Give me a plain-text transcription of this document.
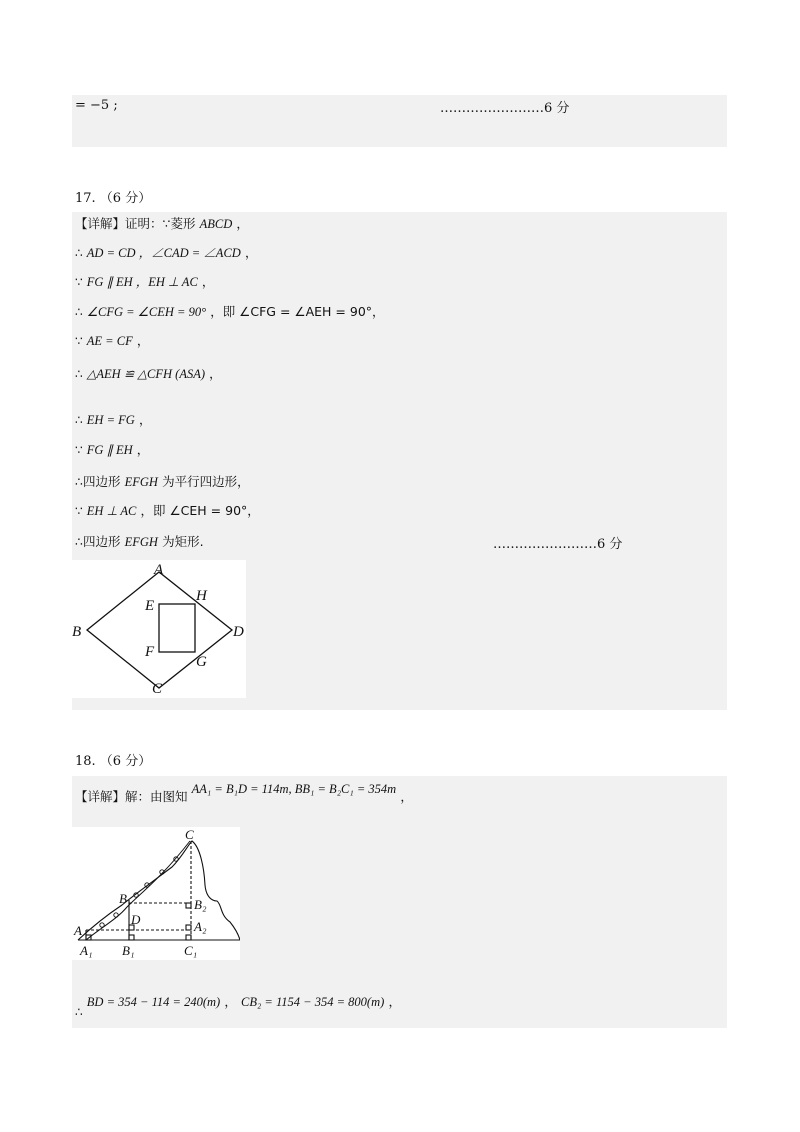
= −5 ;	……………………6 分
17. （6 分）
【详解】证明：∵菱形 ABCD ，
∴ AD = CD ，∠CAD = ∠ACD ，
∵ FG ∥ EH ，EH ⊥ AC ，
∴ ∠CFG = ∠CEH = 90° ，即 ∠CFG = ∠AEH = 90°，
∵ AE = CF ，
∴ △AEH ≌ △CFH (ASA) ，
∴ EH = FG ，
∵ FG ∥ EH ，
∴四边形 EFGH 为平行四边形，
∵ EH ⊥ AC ，即 ∠CEH = 90°，
∴四边形 EFGH 为矩形.	……………………6 分
A
B
C
D
E
F
G
H
18. （6 分）
【详解】解：由图知 AA₁ = B₁D = 114m, BB₁ = B₂C₁ = 354m ，
C
B
D
A
B₂
A₂
A₁ B₁	C₁
∴ BD = 354 − 114 = 240(m) ， CB₂ = 1154 − 354 = 800(m) ，
